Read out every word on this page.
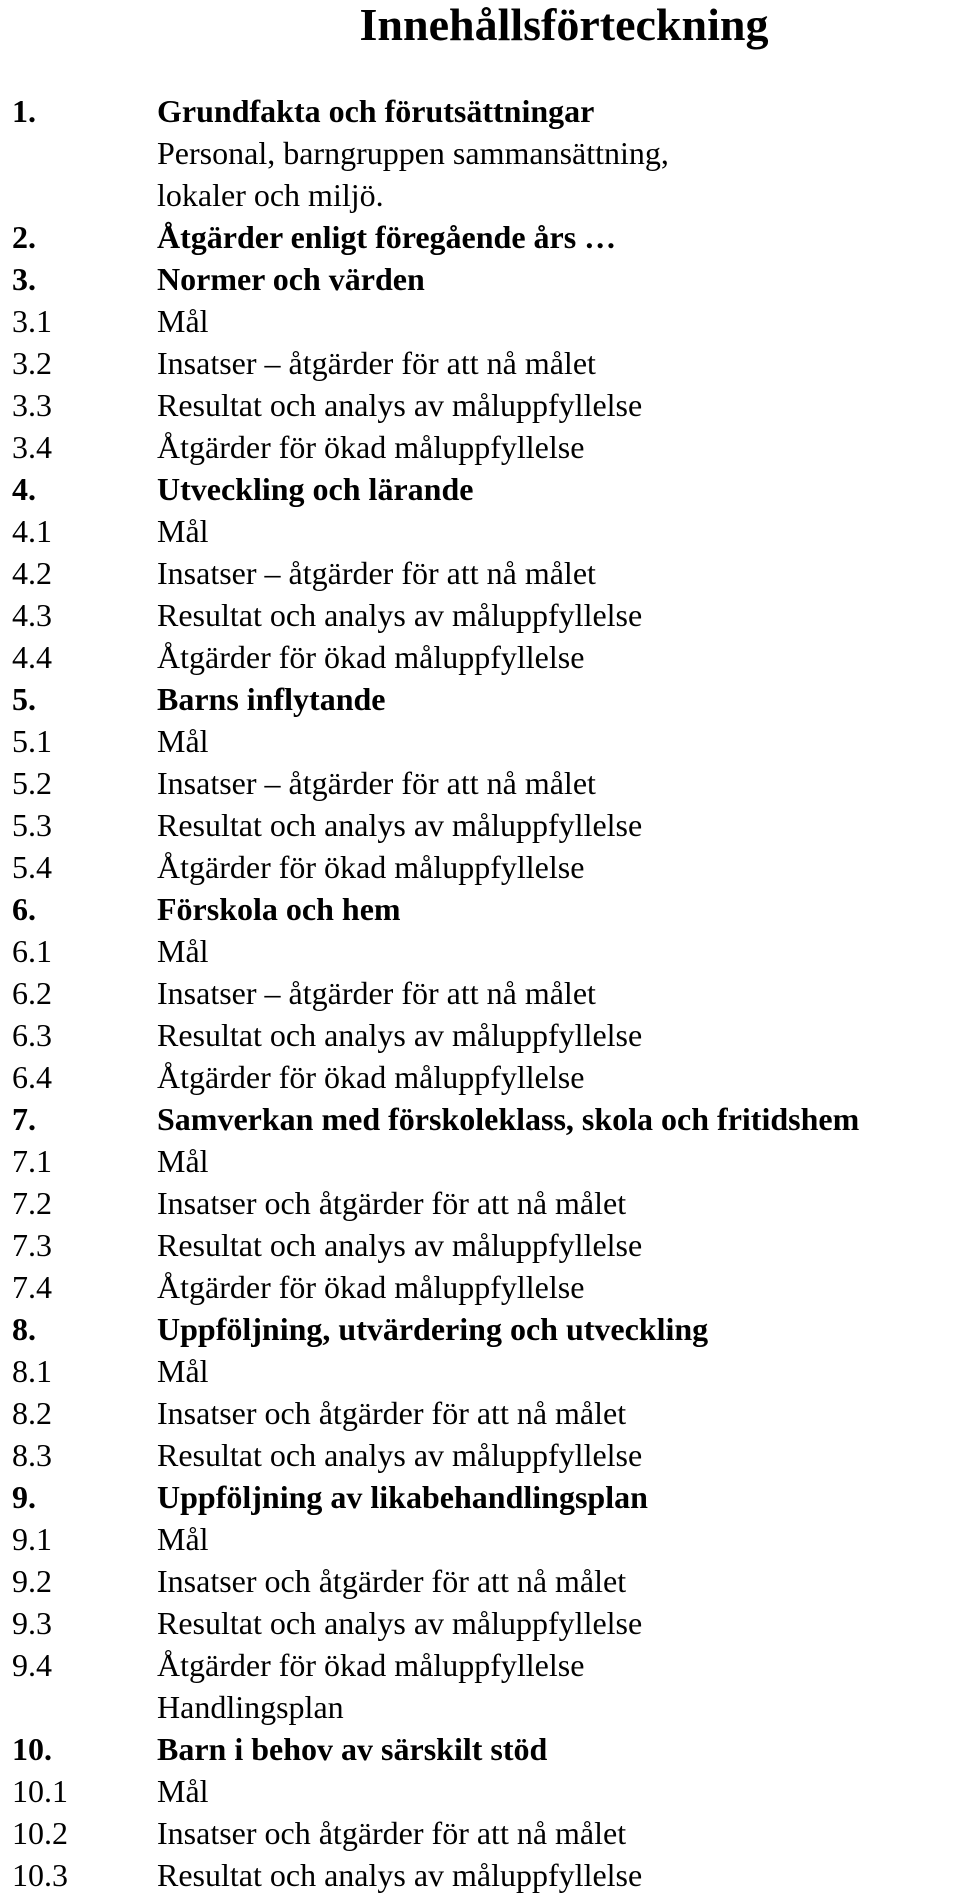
Innehållsförteckning
1.	Grundfakta och förutsättningar
Personal, barngruppen sammansättning,
lokaler och miljö.
2.	Åtgärder enligt föregående års …
3.	Normer och värden
3.1	Mål
3.2	Insatser – åtgärder för att nå målet
3.3	Resultat och analys av måluppfyllelse
3.4	Åtgärder för ökad måluppfyllelse
4.	Utveckling och lärande
4.1	Mål
4.2	Insatser – åtgärder för att nå målet
4.3	Resultat och analys av måluppfyllelse
4.4	Åtgärder för ökad måluppfyllelse
5.	Barns inflytande
5.1	Mål
5.2	Insatser – åtgärder för att nå målet
5.3	Resultat och analys av måluppfyllelse
5.4	Åtgärder för ökad måluppfyllelse
6.	Förskola och hem
6.1	Mål
6.2	Insatser – åtgärder för att nå målet
6.3	Resultat och analys av måluppfyllelse
6.4	Åtgärder för ökad måluppfyllelse
7.	Samverkan med förskoleklass, skola och fritidshem
7.1	Mål
7.2	Insatser och åtgärder för att nå målet
7.3	Resultat och analys av måluppfyllelse
7.4	Åtgärder för ökad måluppfyllelse
8.	Uppföljning, utvärdering och utveckling
8.1	Mål
8.2	Insatser och åtgärder för att nå målet
8.3	Resultat och analys av måluppfyllelse
9.	Uppföljning av likabehandlingsplan
9.1	Mål
9.2	Insatser och åtgärder för att nå målet
9.3	Resultat och analys av måluppfyllelse
9.4	Åtgärder för ökad måluppfyllelse
Handlingsplan
10.	Barn i behov av särskilt stöd
10.1	Mål
10.2	Insatser och åtgärder för att nå målet
10.3	Resultat och analys av måluppfyllelse
